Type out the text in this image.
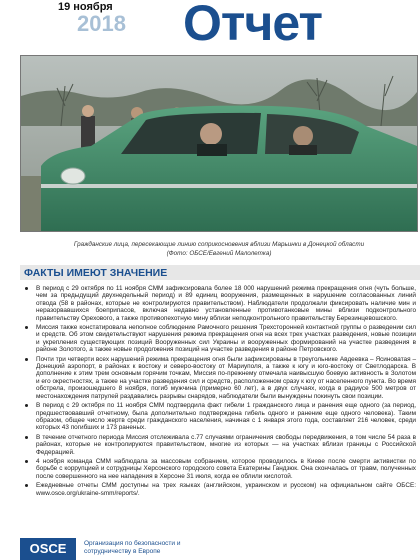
19 ноября
2018 Отчет
Гражданские лица, пересекающие линию соприкосновения вблизи Марьинки в Донецкой области
(Фото: ОБСЕ/Евгений Малолетка)
ФАКТЫ ИМЕЮТ ЗНАЧЕНИЕ
В период с 29 октября по 11 ноября СММ зафиксировала более 18 000 нарушений режима прекращения огня (чуть больше, чем за предыдущий двухнедельный период) и 89 единиц вооружения, размещенных в нарушение согласованных линий отвода (58 в районах, которые не контролируются правительством). Наблюдатели продолжали фиксировать наличие мин и неразорвавшихся боеприпасов, включая недавно установленные противотанковые мины вблизи подконтрольного правительству Орехового, а также противопехотную мину вблизи неподконтрольного правительству Березинцевошского.
Миссия также констатировала неполное соблюдение Рамочного решения Трехсторонней контактной группы о разведении сил и средств. Об этом свидетельствуют нарушения режима прекращения огня на всех трех участках разведения, новые позиции и укрепления существующих позиций Вооруженных сил Украины и вооруженных формирований на участке разведения в районе Золотого, а также новые продолжения позиций на участке разведения в районе Петровского.
Почти три четверти всех нарушений режима прекращения огня были зафиксированы в треугольнике Авдеевка – Ясиноватая – Донецкий аэропорт, в районах к востоку и северо-востоку от Мариуполя, а также к югу и юго-востоку от Светлодарска. В дополнение к этим трем основным горячим точкам, Миссия по-прежнему отмечала наивысшую боевую активность в Золотом и его окрестностях, а также на участке разведения сил и средств, расположенном сразу к югу от населенного пункта. Во время обстрела, произошедшего 8 ноября, погиб мужчина (примерно 60 лет), а в двух случаях, когда в радиусе 500 метров от местонахождения патрулей раздавались разрывы снарядов, наблюдатели были вынуждены покинуть свои позиции.
В период с 29 октября по 11 ноября СММ подтвердила факт гибели 1 гражданского лица и ранения еще одного (за период, предшествовавший отчетному, была дополнительно подтверждена гибель одного и ранение еще одного человека). Таким образом, общее число жертв среди гражданского населения, начиная с 1 января этого года, составляет 216 человек, среди которых 43 погибших и 173 раненых.
В течение отчетного периода Миссия отслеживала с.77 случаями ограничения свободы передвижения, в том числе 54 раза в районах, которые не контролируются правительством, многие из которых — на участках вблизи границы с Российской Федерацией.
4 ноября команда СММ наблюдала за массовым собранием, которое проводилось в Киеве после смерти активистки по борьбе с коррупцией и сотрудницы Херсонского городского совета Екатерины Гандзюк. Она скончалась от травм, полученных после совершенного на нее нападения в Херсоне 31 июля, когда ее облили кислотой.
Ежедневные отчеты СММ доступны на трех языках (английском, украинском и русском) на официальном сайте ОБСЕ: www.osce.org/ukraine-smm/reports/.
OSCE	Организация по безопасности и
сотрудничеству в Европе
